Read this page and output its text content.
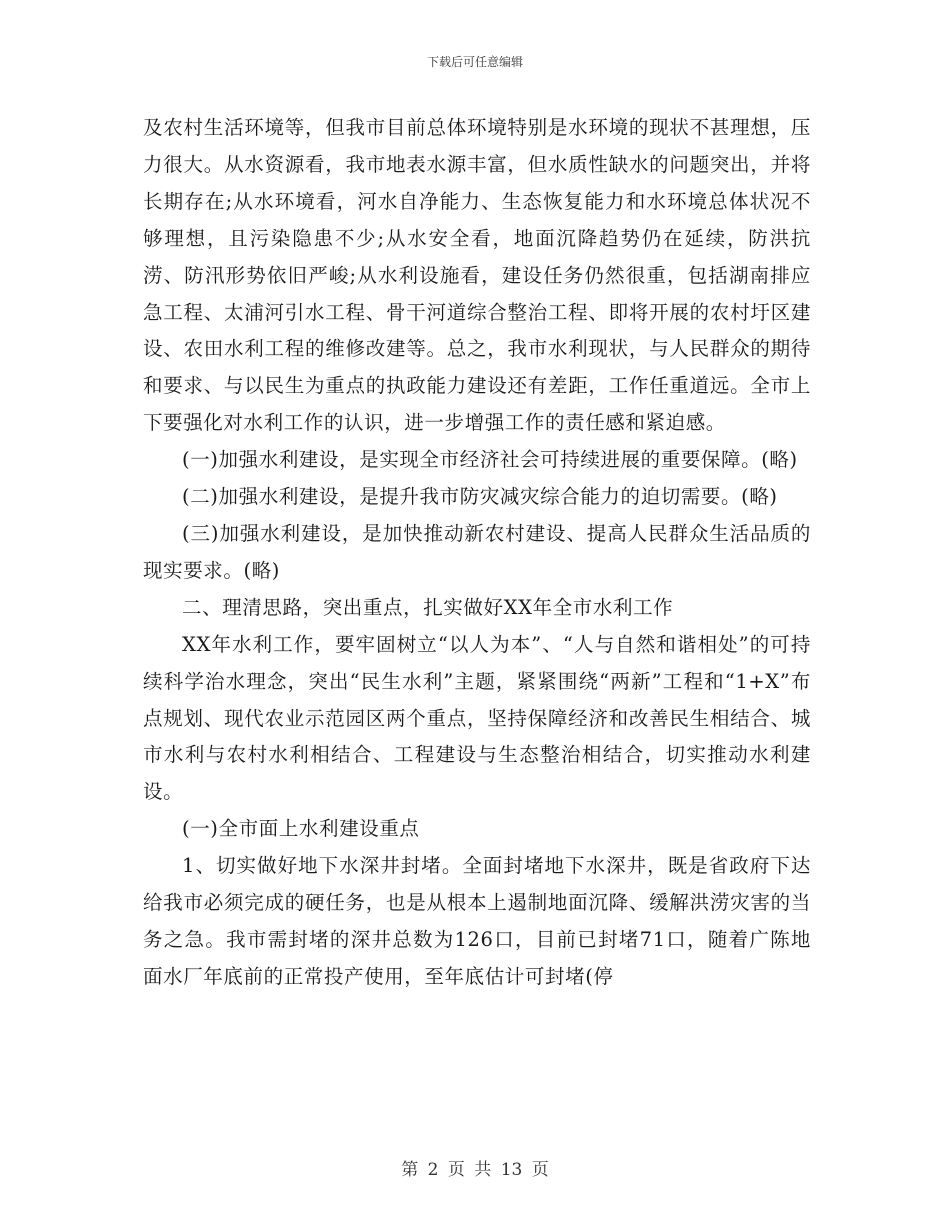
下载后可任意编辑

及农村生活环境等，但我市目前总体环境特别是水环境的现状不甚理想，压力很大。从水资源看，我市地表水源丰富，但水质性缺水的问题突出，并将长期存在;从水环境看，河水自净能力、生态恢复能力和水环境总体状况不够理想，且污染隐患不少;从水安全看，地面沉降趋势仍在延续，防洪抗涝、防汛形势依旧严峻;从水利设施看，建设任务仍然很重，包括湖南排应急工程、太浦河引水工程、骨干河道综合整治工程、即将开展的农村圩区建设、农田水利工程的维修改建等。总之，我市水利现状，与人民群众的期待和要求、与以民生为重点的执政能力建设还有差距，工作任重道远。全市上下要强化对水利工作的认识，进一步增强工作的责任感和紧迫感。

(一)加强水利建设，是实现全市经济社会可持续进展的重要保障。(略)

(二)加强水利建设，是提升我市防灾减灾综合能力的迫切需要。(略)

(三)加强水利建设，是加快推动新农村建设、提高人民群众生活品质的现实要求。(略)

二、理清思路，突出重点，扎实做好XX年全市水利工作

XX年水利工作，要牢固树立“以人为本”、“人与自然和谐相处”的可持续科学治水理念，突出“民生水利”主题，紧紧围绕“两新”工程和“1+X”布点规划、现代农业示范园区两个重点，坚持保障经济和改善民生相结合、城市水利与农村水利相结合、工程建设与生态整治相结合，切实推动水利建设。

(一)全市面上水利建设重点

1、切实做好地下水深井封堵。全面封堵地下水深井，既是省政府下达给我市必须完成的硬任务，也是从根本上遏制地面沉降、缓解洪涝灾害的当务之急。我市需封堵的深井总数为126口，目前已封堵71口，随着广陈地面水厂年底前的正常投产使用，至年底估计可封堵(停

第 2 页 共 13 页
